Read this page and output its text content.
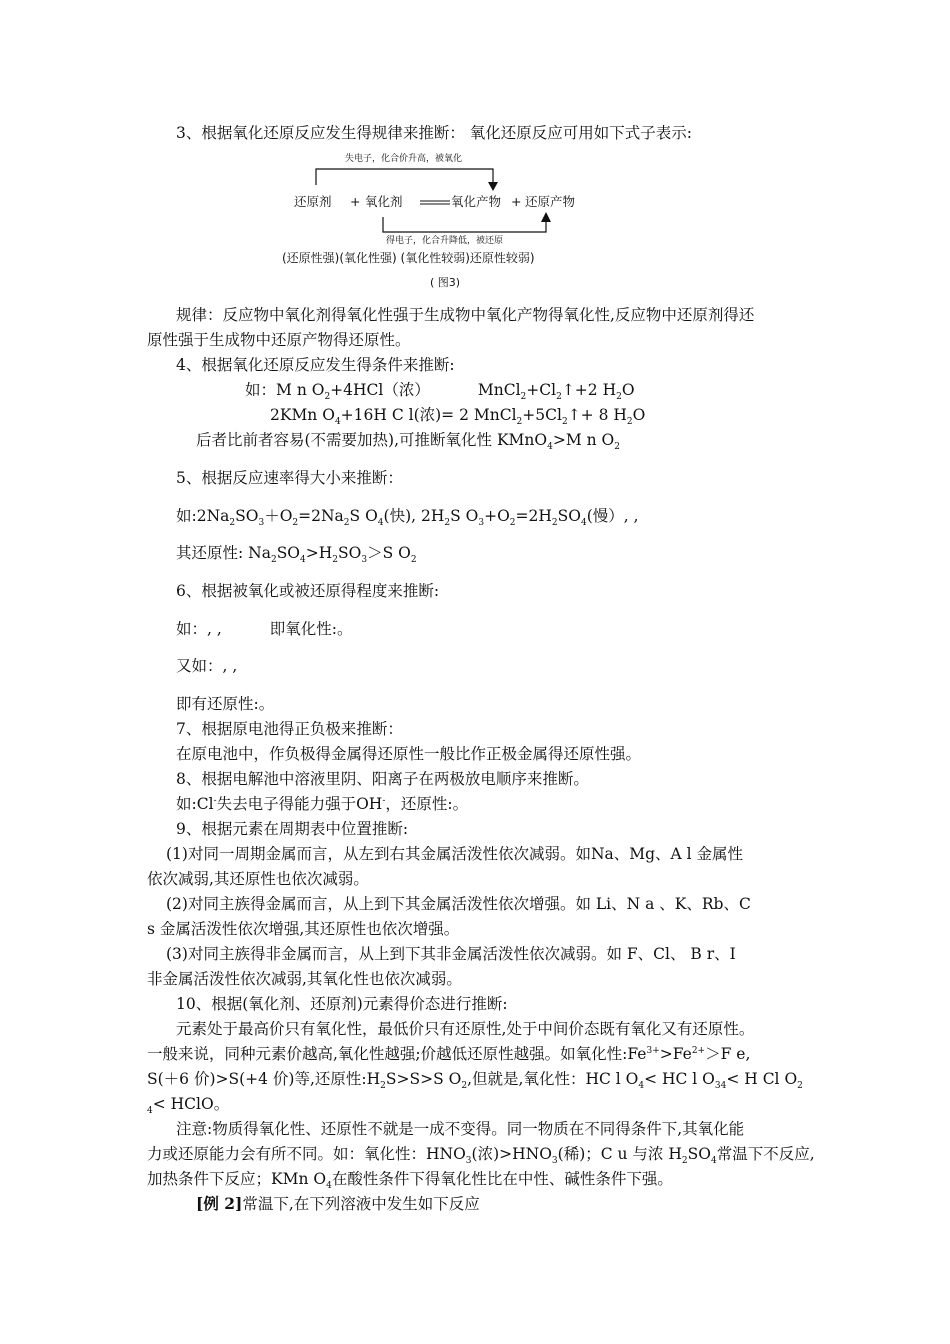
3、根据氧化还原反应发生得规律来推断： 氧化还原反应可用如下式子表示:
失电子，化合价升高，被氧化
还原剂 + 氧化剂	氧化产物 + 还原产物
得电子，化合升降低，被还原
(还原性强)(氧化性强) (氧化性较弱)还原性较弱)
( 图3)
规律：反应物中氧化剂得氧化性强于生成物中氧化产物得氧化性,反应物中还原剂得还
原性强于生成物中还原产物得还原性。
4、根据氧化还原反应发生得条件来推断:
如：M n $O_2+4HCl$（浓）	$MnCl_2+Cl_2↑+2$ $H_2O$
2KMn $O_4+16H$ C l(浓)= 2 $MnCl_2+5Cl_2↑+ 8$ $H_2O$
后者比前者容易(不需要加热),可推断氧化性 KMnO$_4$>M n $O_2$
5、根据反应速率得大小来推断：
如$:2Na_2SO_3+O_2=2Na_2S$ $O_4$(快), $2H_2S$ $O_3+O_2=2H_2SO_4$(慢）, ,
其还原性: $Na_2SO_4>H_2SO_3>S$ $O_2$
6、根据被氧化或被还原得程度来推断:
如：, ,	即氧化性:。
又如：, ,
即有还原性:。
7、根据原电池得正负极来推断：
在原电池中，作负极得金属得还原性一般比作正极金属得还原性强。
8、根据电解池中溶液里阴、阳离子在两极放电顺序来推断。
如:Cl-失去电子得能力强于OH-，还原性:。
9、根据元素在周期表中位置推断:
(1)对同一周期金属而言，从左到右其金属活泼性依次减弱。如Na、Mg、A l 金属性
依次减弱,其还原性也依次减弱。
(2)对同主族得金属而言，从上到下其金属活泼性依次增强。如 Li、N a 、K、Rb、C
s 金属活泼性依次增强,其还原性也依次增强。
(3)对同主族得非金属而言，从上到下其非金属活泼性依次减弱。如 F、Cl、 B r、I
非金属活泼性依次减弱,其氧化性也依次减弱。
10、根据(氧化剂、还原剂)元素得价态进行推断:
元素处于最高价只有氧化性，最低价只有还原性,处于中间价态既有氧化又有还原性。
一般来说，同种元素价越高,氧化性越强;价越低还原性越强。如氧化性$:Fe^{3+}>Fe^{2+}>F$ e,
S(＋6 价)>S(+4 价)等,还原性$:H_2S>S>S$ $O_2$,但就是,氧化性：HC l $O_4<$ HC l $O_{34}< H$ Cl $O_2$
$_4$< HClO。
注意:物质得氧化性、还原性不就是一成不变得。同一物质在不同得条件下,其氧化能
力或还原能力会有所不同。如：氧化性：$HNO_3$(浓)$>HNO_3$(稀)；C u 与浓 $H_2SO_4$常温下不反应,
加热条件下反应；KMn $O_4$在酸性条件下得氧化性比在中性、碱性条件下强。
[例 2]常温下,在下列溶液中发生如下反应
